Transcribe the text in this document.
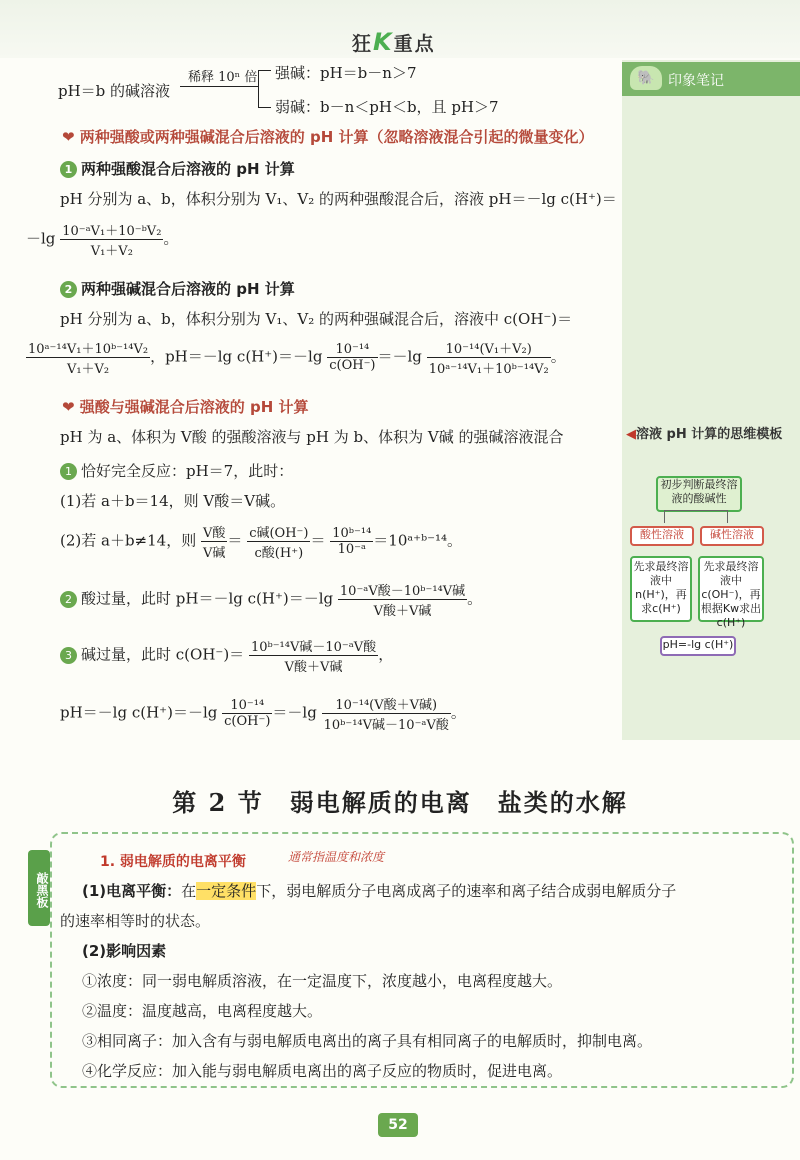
狂K重点
🐘 印象笔记
pH＝b 的碱溶液
稀释 10ⁿ 倍 强碱：pH＝b－n＞7
弱碱：b－n＜pH＜b，且 pH＞7
❤ 两种强酸或两种强碱混合后溶液的 pH 计算（忽略溶液混合引起的微量变化）
1 两种强酸混合后溶液的 pH 计算
pH 分别为 a、b，体积分别为 V₁、V₂ 的两种强酸混合后，溶液 pH＝－lg c(H⁺)＝
$-\lg \frac{\text{10⁻ᵃV₁＋10⁻ᵇV₂}}{\text{V₁＋V₂}}$ 。
2 两种强碱混合后溶液的 pH 计算
pH 分别为 a、b，体积分别为 V₁、V₂ 的两种强碱混合后，溶液中 c(OH⁻)＝
$\frac{\text{10ᵃ⁻¹⁴V₁＋10ᵇ⁻¹⁴V₂}}{\text{V₁＋V₂}}$ ，pH＝－lg $c(H^+)=-\lg \frac{\text{10⁻¹⁴}}{c(OH^-)} =-\lg \frac{\text{10⁻¹⁴(V₁＋V₂)}}{\text{10ᵃ⁻¹⁴V₁＋10ᵇ⁻¹⁴V₂}}$ 。
❤ 强酸与强碱混合后溶液的 pH 计算
pH 为 a、体积为 V酸 的强酸溶液与 pH 为 b、体积为 V碱 的强碱溶液混合
1 恰好完全反应：pH＝7，此时：
(1)若 a＋b＝14，则 V酸＝V碱。
(2)若 a＋b≠14，则 $\frac{\text{V酸}}{\text{V碱}} = \frac{\text{c碱(OH⁻)}}{\text{c酸(H⁺)}} = \frac{\text{10ᵇ⁻¹⁴}}{\text{10⁻ᵃ}}$ ＝10ᵃ⁺ᵇ⁻¹⁴。
2 酸过量，此时 pH＝－lg $c(H^+)=-\lg \frac{\text{10⁻ᵃV酸－10ᵇ⁻¹⁴V碱}}{\text{V酸＋V碱}}$ 。
3 碱过量，此时 $c(OH^-)= \frac{\text{10ᵇ⁻¹⁴V碱－10⁻ᵃV酸}}{\text{V酸＋V碱}}$ ，
pH＝－lg $c(H^+)=-\lg \frac{\text{10⁻¹⁴}}{c(OH^-)} =-\lg \frac{\text{10⁻¹⁴(V酸＋V碱)}}{\text{10ᵇ⁻¹⁴V碱－10⁻ᵃV酸}}$ 。
◀溶液 pH 计算的思维模板
初步判断最终溶液的酸碱性
酸性溶液	碱性溶液
先求最终溶液中n(H⁺)，再求c(H⁺)
先求最终溶液中c(OH⁻)，再根据Kw求出c(H⁺)
pH=-lg c(H⁺)
第 2 节　弱电解质的电离　盐类的水解
敲黑板
1. 弱电解质的电离平衡	通常指温度和浓度
(1)电离平衡：在一定条件下，弱电解质分子电离成离子的速率和离子结合成弱电解质分子
的速率相等时的状态。
(2)影响因素
①浓度：同一弱电解质溶液，在一定温度下，浓度越小，电离程度越大。
②温度：温度越高，电离程度越大。
③相同离子：加入含有与弱电解质电离出的离子具有相同离子的电解质时，抑制电离。
④化学反应：加入能与弱电解质电离出的离子反应的物质时，促进电离。
52
